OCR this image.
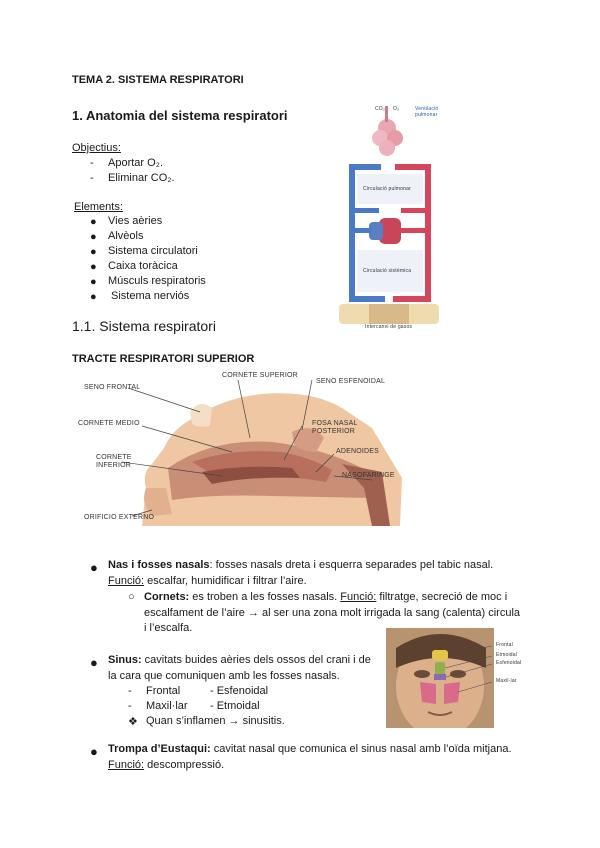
TEMA 2. SISTEMA RESPIRATORI
1. Anatomia del sistema respiratori
Objectius:
- Aportar O₂.
- Eliminar CO₂.
Elements:
● Vies aèries
● Alvèols
● Sistema circulatori
● Caixa toràcica
● Músculs respiratoris
● Sistema nerviós
CO₂ O₂	Ventilació pulmonar
Circulació pulmonar
Circulació sistèmica
Intercanvi de gasos
1.1. Sistema respiratori
TRACTE RESPIRATORI SUPERIOR
SENO FRONTAL
CORNETE SUPERIOR
SENO ESFENOIDAL
CORNETE MEDIO	FOSA NASAL
POSTERIOR
CORNETE
INFERIOR
ADENOIDES
NASOFARINGE
ORIFICIO EXTERNO
● Nas i fosses nasals: fosses nasals dreta i esquerra separades pel tabic nasal.
Funció: escalfar, humidificar i filtrar l’aire.
○ Cornets: es troben a les fosses nasals. Funció: filtratge, secreció de moc i
escalfament de l’aire → al ser una zona molt irrigada la sang (calenta) circula
i l’escalfa.
● Sinus: cavitats buides aèries dels ossos del crani i de
la cara que comuniquen amb les fosses nasals.
- Frontal	- Esfenoidal
- Maxil·lar - Etmoidal
❖ Quan s’inflamen → sinusitis.
Frontal
Etmoidal
Esfenoidal
Maxil·lar
● Trompa d’Eustaqui: cavitat nasal que comunica el sinus nasal amb l’oïda mitjana.
Funció: descompressió.
